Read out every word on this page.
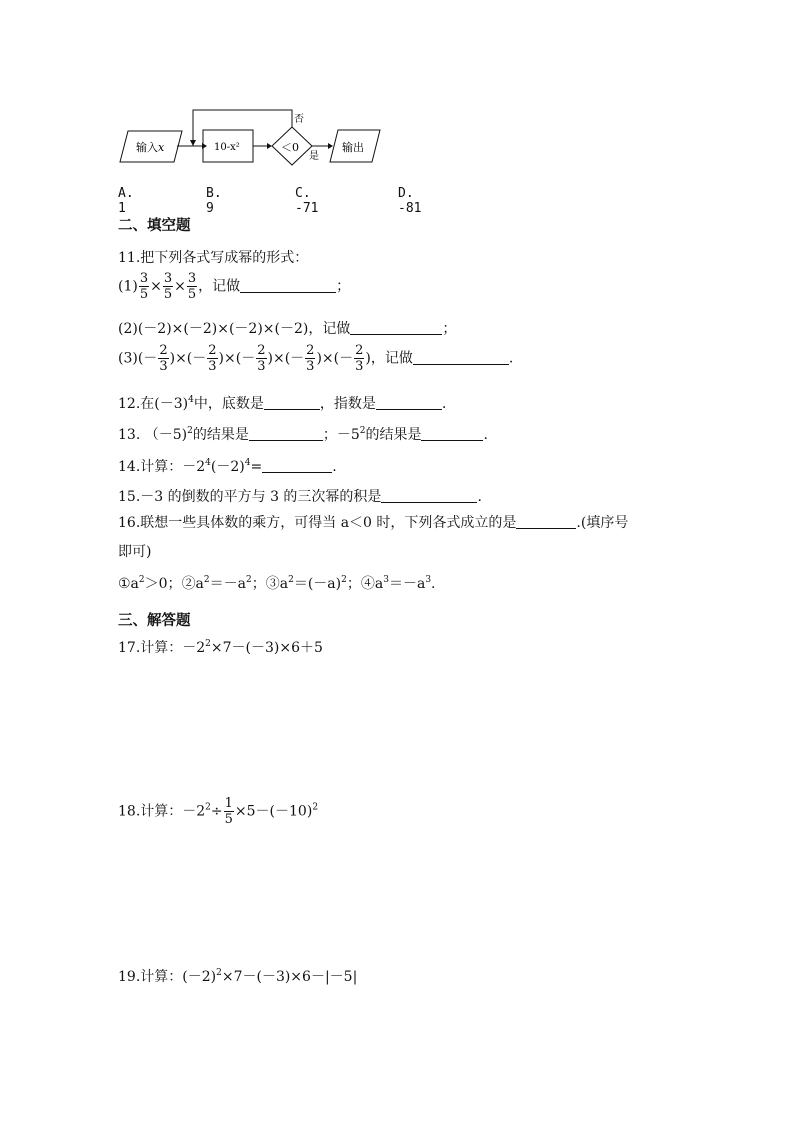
输入x	10-x²	＜0
否
是
输出
A. 1
B. 9
C. -71
D. -81
二、填空题
11.把下列各式写成幂的形式：
$(1) \frac{3}{5} \times \frac{3}{5} \times \frac{3}{5}$ ，记做	；
(2)(－2)×(－2)×(－2)×(－2)，记做	；
$(3)(- \frac{2}{3}$ )×(－ $\frac{2}{3}$ )×(－ $\frac{2}{3}$ )×(－ $\frac{2}{3}$ )×(－ $\frac{2}{3}$ )，记做	.
12.在$(-3)^4$中，底数是	，指数是	.
13. （－5)$^2$的结果是	；$-5^2$的结果是	.
14.计算：$-2^4(-2)^4=$	.
15.－3 的倒数的平方与 3 的三次幂的积是	.
16.联想一些具体数的乘方，可得当 a＜0 时，下列各式成立的是	.(填序号
即可)
$①a^2>0$；$②a^2=-a^2$；$③a^2=(-a)^2$；$④a^3=-a^3$.
三、解答题
17.计算：$-2^2\times 7-(-3)\times 6+5$
18.计算：$-2^2\div \frac{1}{5} \times 5-(-10)^2$
19.计算：$(-2)^2\times 7-(-3)\times 6-|-5|$
